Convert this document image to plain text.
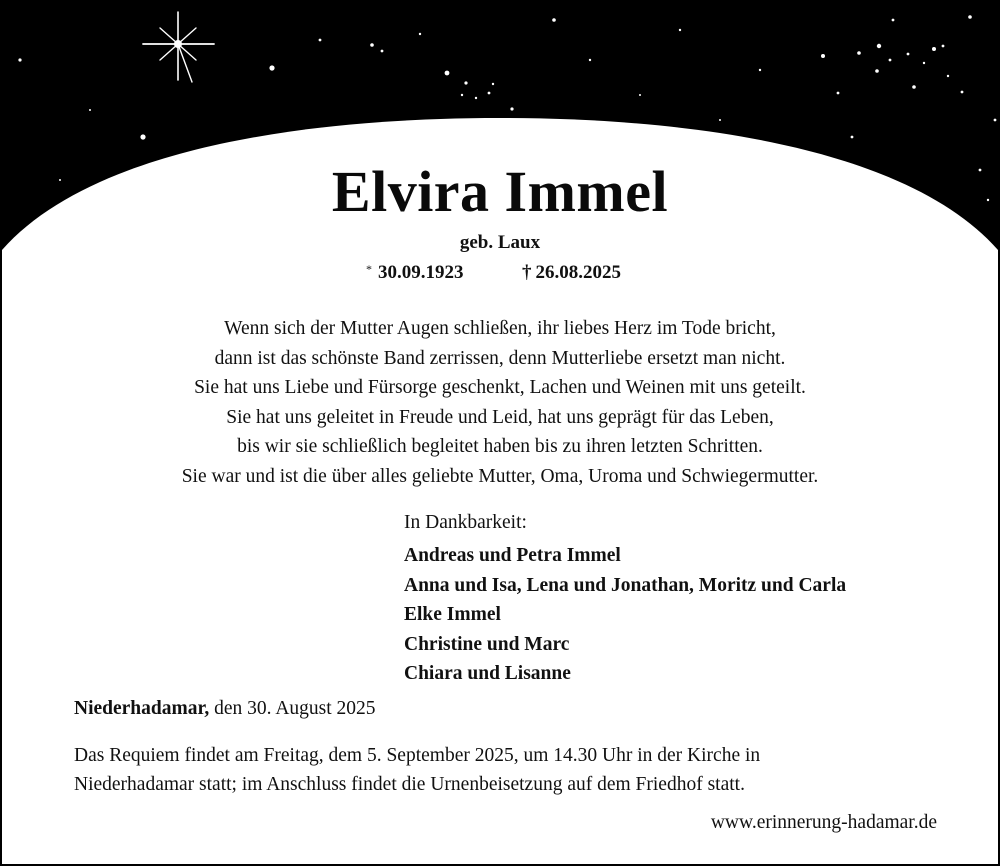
Elvira Immel
geb. Laux
* 30.09.1923	† 26.08.2025
Wenn sich der Mutter Augen schließen, ihr liebes Herz im Tode bricht,
dann ist das schönste Band zerrissen, denn Mutterliebe ersetzt man nicht.
Sie hat uns Liebe und Fürsorge geschenkt, Lachen und Weinen mit uns geteilt.
Sie hat uns geleitet in Freude und Leid, hat uns geprägt für das Leben,
bis wir sie schließlich begleitet haben bis zu ihren letzten Schritten.
Sie war und ist die über alles geliebte Mutter, Oma, Uroma und Schwiegermutter.
In Dankbarkeit:
Andreas und Petra Immel
Anna und Isa, Lena und Jonathan, Moritz und Carla
Elke Immel
Christine und Marc
Chiara und Lisanne
Niederhadamar, den 30. August 2025
Das Requiem findet am Freitag, dem 5. September 2025, um 14.30 Uhr in der Kirche in
Niederhadamar statt; im Anschluss findet die Urnenbeisetzung auf dem Friedhof statt.
www.erinnerung-hadamar.de
